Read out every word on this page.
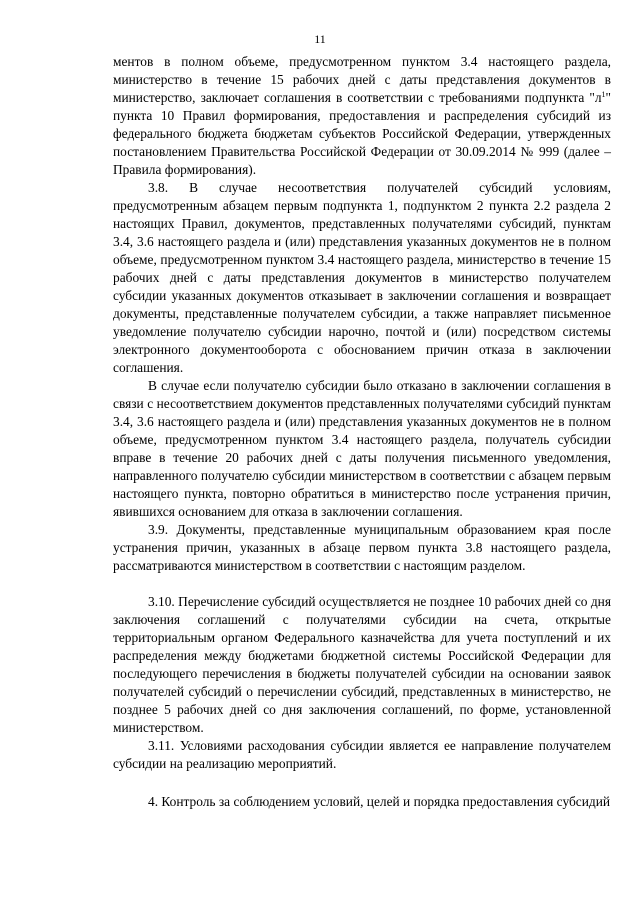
11

ментов в полном объеме, предусмотренном пунктом 3.4 настоящего раздела, министерство в течение 15 рабочих дней с даты представления документов в министерство, заключает соглашения в соответствии с требованиями подпункта "$л^1$" пункта 10 Правил формирования, предоставления и распределения субсидий из федерального бюджета бюджетам субъектов Российской Федерации, утвержденных постановлением Правительства Российской Федерации от 30.09.2014 № 999 (далее – Правила формирования).

3.8. В случае несоответствия получателей субсидий условиям, предусмотренным абзацем первым подпункта 1, подпунктом 2 пункта 2.2 раздела 2 настоящих Правил, документов, представленных получателями субсидий, пунктам 3.4, 3.6 настоящего раздела и (или) представления указанных документов не в полном объеме, предусмотренном пунктом 3.4 настоящего раздела, министерство в течение 15 рабочих дней с даты представления документов в министерство получателем субсидии указанных документов отказывает в заключении соглашения и возвращает документы, представленные получателем субсидии, а также направляет письменное уведомление получателю субсидии нарочно, почтой и (или) посредством системы электронного документооборота с обоснованием причин отказа в заключении соглашения.

В случае если получателю субсидии было отказано в заключении соглашения в связи с несоответствием документов представленных получателями субсидий пунктам 3.4, 3.6 настоящего раздела и (или) представления указанных документов не в полном объеме, предусмотренном пунктом 3.4 настоящего раздела, получатель субсидии вправе в течение 20 рабочих дней с даты получения письменного уведомления, направленного получателю субсидии министерством в соответствии с абзацем первым настоящего пункта, повторно обратиться в министерство после устранения причин, явившихся основанием для отказа в заключении соглашения.

3.9. Документы, представленные муниципальным образованием края после устранения причин, указанных в абзаце первом пункта 3.8 настоящего раздела, рассматриваются министерством в соответствии с настоящим разделом.

3.10. Перечисление субсидий осуществляется не позднее 10 рабочих дней со дня заключения соглашений с получателями субсидии на счета, открытые территориальным органом Федерального казначейства для учета поступлений и их распределения между бюджетами бюджетной системы Российской Федерации для последующего перечисления в бюджеты получателей субсидии на основании заявок получателей субсидий о перечислении субсидий, представленных в министерство, не позднее 5 рабочих дней со дня заключения соглашений, по форме, установленной министерством.

3.11. Условиями расходования субсидии является ее направление получателем субсидии на реализацию мероприятий.

4. Контроль за соблюдением условий, целей и порядка предоставления субсидий
